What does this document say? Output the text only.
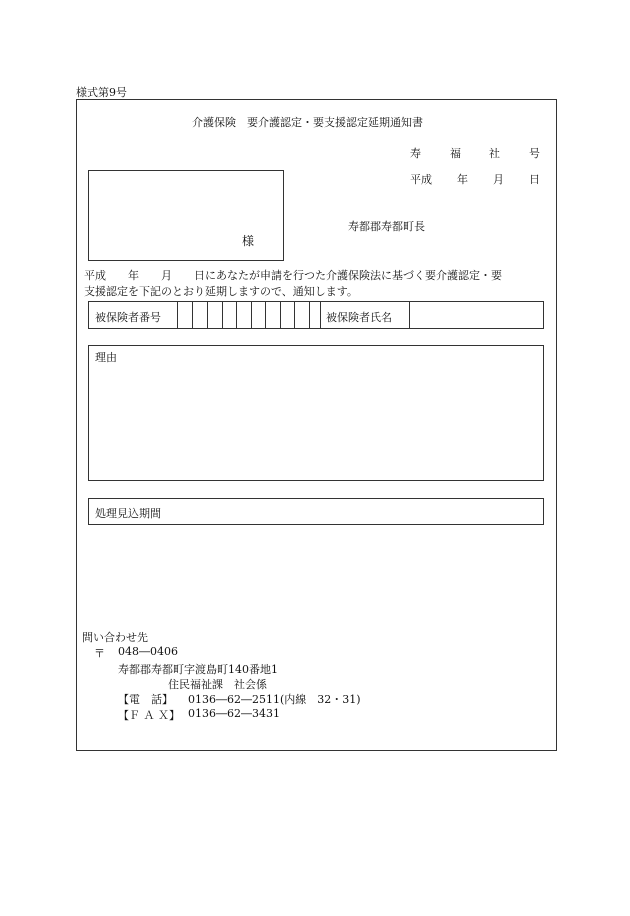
様式第9号
介護保険　要介護認定・要支援認定延期通知書
寿	福	社	号
平成 年 月 日
様
寿都郡寿都町長
平成　　年　　月　　日にあなたが申請を行つた介護保険法に基づく要介護認定・要
支援認定を下記のとおり延期しますので、通知します。
被保険者番号	被保険者氏名
理由
処理見込期間
問い合わせ先
〒 048―0406
寿都郡寿都町字渡島町140番地1
住民福祉課　社会係
【電　話】 0136―62―2511(内線　32・31)
【Ｆ Ａ Ｘ】 0136―62―3431
